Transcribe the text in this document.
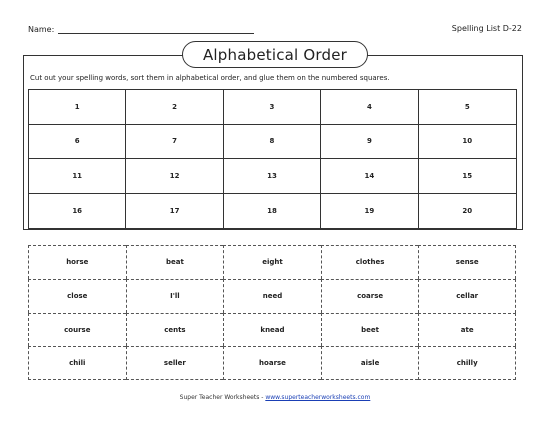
Name:	Spelling List D-22
Alphabetical Order
Cut out your spelling words, sort them in alphabetical order, and glue them on the numbered squares.
1	2	3	4	5
6	7	8	9	10
11	12	13	14	15
16	17	18	19	20
horse	beat	eight	clothes	sense
close	I'll	need	coarse	cellar
course	cents	knead	beet	ate
chili	seller	hoarse	aisle	chilly
Super Teacher Worksheets - www.superteacherworksheets.com
